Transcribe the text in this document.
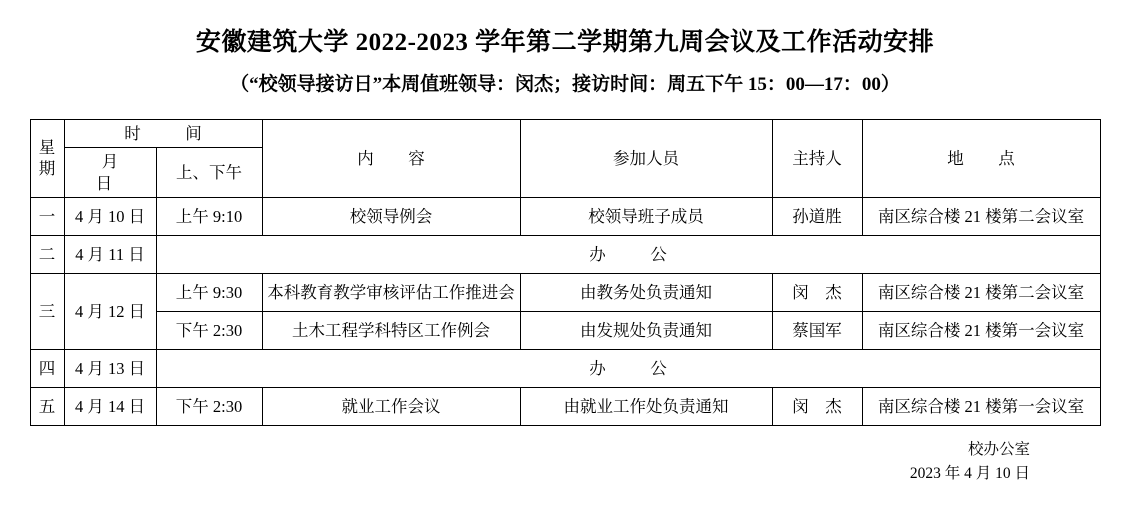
安徽建筑大学 2022-2023 学年第二学期第九周会议及工作活动安排
（“校领导接访日”本周值班领导：闵杰；接访时间：周五下午 15：00—17：00）
星
期	时　间		内　容	参加人员	主持人	地　点
	月　日	上、下午				
一	4 月 10 日	上午 9:10	校领导例会	校领导班子成员	孙道胜	南区综合楼 21 楼第二会议室
二	4 月 11 日	办　公				
三	4 月 12 日	上午 9:30	本科教育教学审核评估工作推进会	由教务处负责通知	闵　杰	南区综合楼 21 楼第二会议室
		下午 2:30	土木工程学科特区工作例会	由发规处负责通知	蔡国军	南区综合楼 21 楼第一会议室
四	4 月 13 日	办　公				
五	4 月 14 日	下午 2:30	就业工作会议	由就业工作处负责通知	闵　杰	南区综合楼 21 楼第一会议室
校办公室
2023 年 4 月 10 日
